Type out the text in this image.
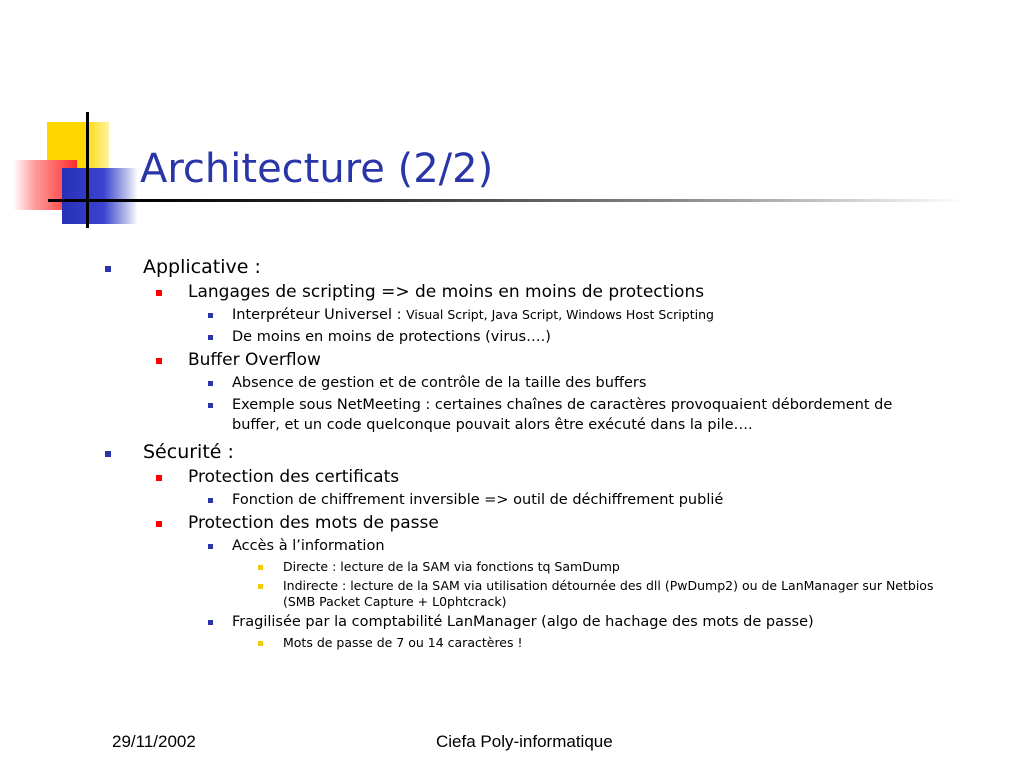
Architecture (2/2)
Applicative :
Langages de scripting => de moins en moins de protections
Interpréteur Universel : Visual Script, Java Script, Windows Host Scripting
De moins en moins de protections (virus….)
Buffer Overflow
Absence de gestion et de contrôle de la taille des buffers
Exemple sous NetMeeting : certaines chaînes de caractères provoquaient débordement de buffer, et un code quelconque pouvait alors être exécuté dans la pile….
Sécurité :
Protection des certificats
Fonction de chiffrement inversible => outil de déchiffrement publié
Protection des mots de passe
Accès à l’information
Directe : lecture de la SAM via fonctions tq SamDump
Indirecte : lecture de la SAM via utilisation détournée des dll (PwDump2) ou de LanManager sur Netbios (SMB Packet Capture + L0phtcrack)
Fragilisée par la comptabilité LanManager (algo de hachage des mots de passe)
Mots de passe de 7 ou 14 caractères !
29/11/2002	Ciefa Poly-informatique
